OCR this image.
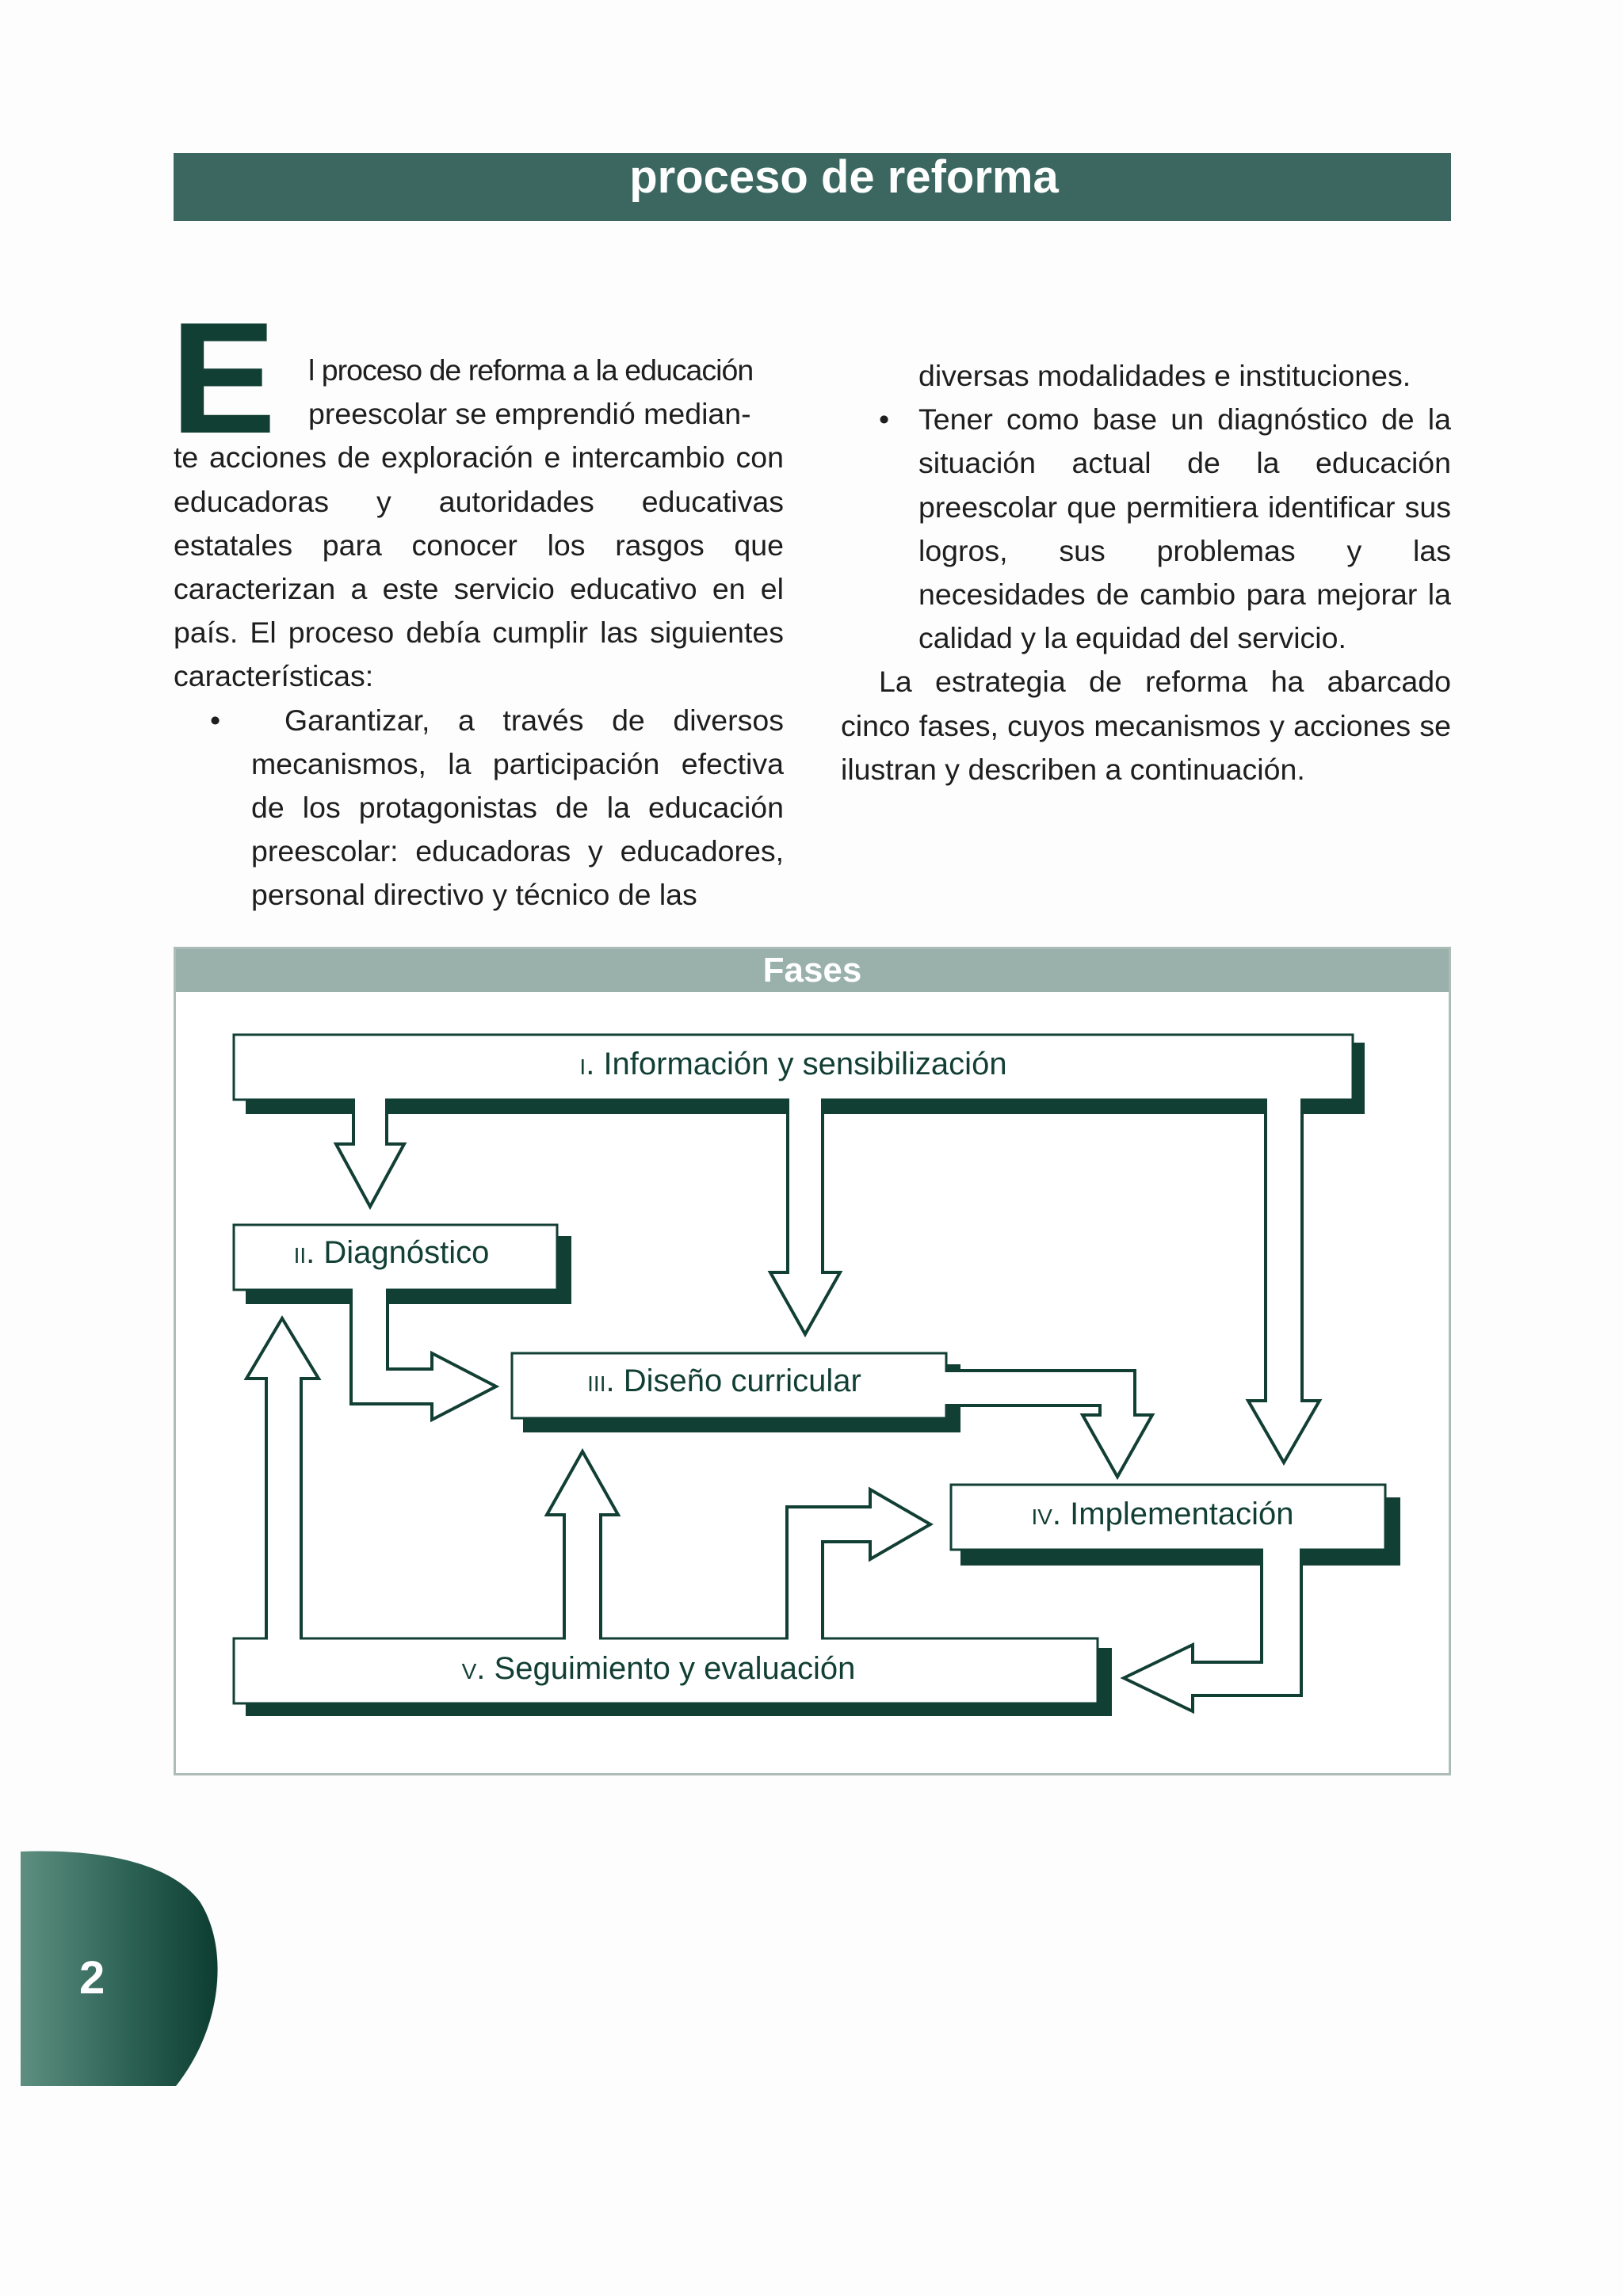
proceso de reforma
E l proceso de reforma a la educación

preescolar se emprendió median-

te acciones de exploración e intercambio con educadoras y autoridades educativas estatales para conocer los rasgos que caracterizan a este servicio educativo en el país. El proceso debía cumplir las siguientes características:

•	Garantizar, a través de diversos mecanismos, la participación efectiva de los protagonistas de la educación preescolar: educadoras y educadores, personal directivo y técnico de las

diversas modalidades e instituciones.

• Tener como base un diagnóstico de la situación actual de la educación preescolar que permitiera identificar sus logros, sus problemas y las necesidades de cambio para mejorar la calidad y la equidad del servicio.

La estrategia de reforma ha abarcado cinco fases, cuyos mecanismos y acciones se ilustran y describen a continuación.

Fases
I. Información y sensibilización
II. Diagnóstico
III. Diseño curricular
IV. Implementación
V. Seguimiento y evaluación
2
